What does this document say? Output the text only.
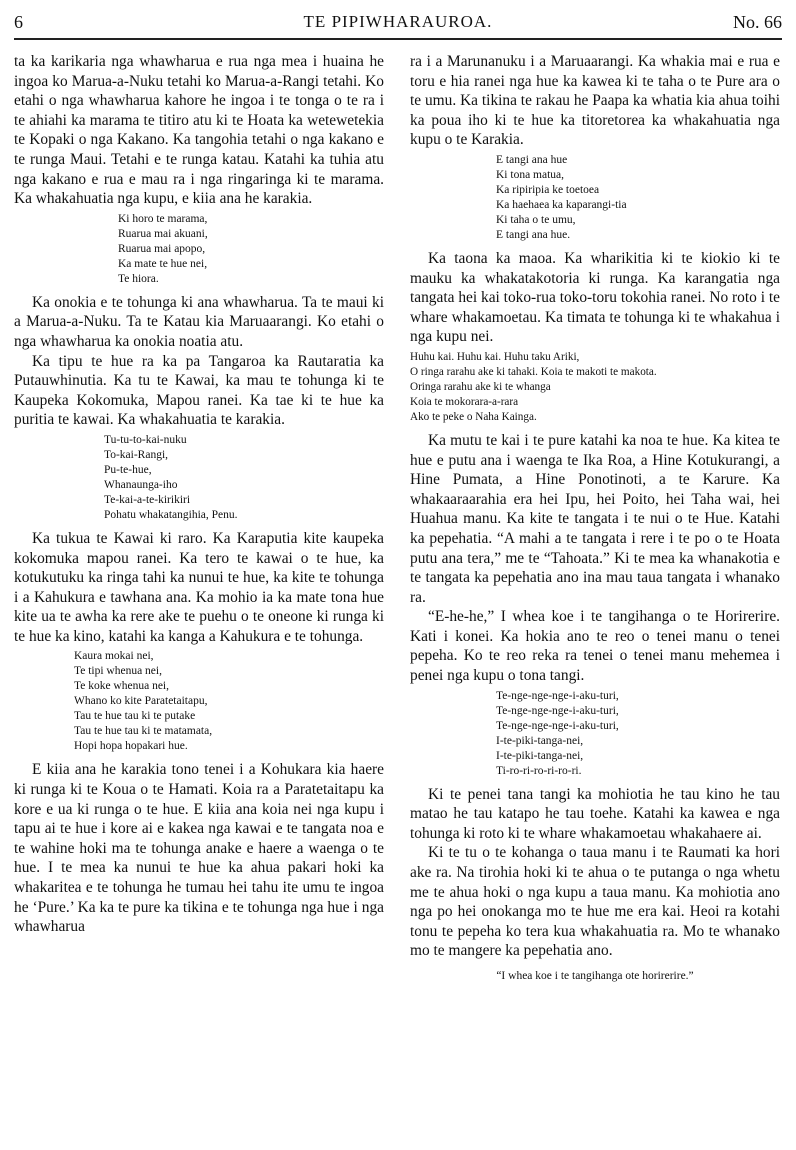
6	TE PIPIWHARAUROA.	No. 66

ta ka karikaria nga whawharua e rua nga mea i huaina he ingoa ko Marua-a-Nuku tetahi ko Marua-a-Rangi tetahi. Ko etahi o nga whawharua kahore he ingoa i te tonga o te ra i te ahiahi ka marama te titiro atu ki te Hoata ka wetewetekia te Kopaki o nga Kakano. Ka tangohia tetahi o nga kakano e te runga Maui. Tetahi e te runga katau. Katahi ka tuhia atu nga kakano e rua e mau ra i nga ringaringa ki te marama. Ka whakahuatia nga kupu, e kiia ana he karakia.

Ki horo te marama,
Ruarua mai akuani,
Ruarua mai apopo,
Ka mate te hue nei,
Te hiora.

Ka onokia e te tohunga ki ana whawharua. Ta te maui ki a Marua-a-Nuku. Ta te Katau kia Maruaarangi. Ko etahi o nga whawharua ka onokia noatia atu.

Ka tipu te hue ra ka pa Tangaroa ka Rautaratia ka Putauwhinutia. Ka tu te Kawai, ka mau te tohunga ki te Kaupeka Kokomuka, Mapou ranei. Ka tae ki te hue ka puritia te kawai. Ka whakahuatia te karakia.

Tu-tu-to-kai-nuku
To-kai-Rangi,
Pu-te-hue,
Whanaunga-iho
Te-kai-a-te-kirikiri
Pohatu whakatangihia, Penu.

Ka tukua te Kawai ki raro. Ka Karaputia kite kaupeka kokomuka mapou ranei. Ka tero te kawai o te hue, ka kotukutuku ka ringa tahi ka nunui te hue, ka kite te tohunga i a Kahukura e tawhana ana. Ka mohio ia ka mate tona hue kite ua te awha ka rere ake te puehu o te oneone ki runga ki te hue ka kino, katahi ka kanga a Kahukura e te tohunga.

Kaura mokai nei,
Te tipi whenua nei,
Te koke whenua nei,
Whano ko kite Paratetaitapu,
Tau te hue tau ki te putake
Tau te hue tau ki te matamata,
Hopi hopa hopakari hue.

E kiia ana he karakia tono tenei i a Kohukara kia haere ki runga ki te Koua o te Hamati. Koia ra a Paratetaitapu ka kore e ua ki runga o te hue. E kiia ana koia nei nga kupu i tapu ai te hue i kore ai e kakea nga kawai e te tangata noa e te wahine hoki ma te tohunga anake e haere a waenga o te hue. I te mea ka nunui te hue ka ahua pakari hoki ka whakaritea e te tohunga he tumau hei tahu ite umu te ingoa he ‘Pure.’ Ka ka te pure ka tikina e te tohunga nga hue i nga whawharua

ra i a Marunanuku i a Maruaarangi. Ka whakia mai e rua e toru e hia ranei nga hue ka kawea ki te taha o te Pure ara o te umu. Ka tikina te rakau he Paapa ka whatia kia ahua toihi ka poua iho ki te hue ka titoretorea ka whakahuatia nga kupu o te Karakia.

E tangi ana hue
Ki tona matua,
Ka ripiripia ke toetoea
Ka haehaea ka kaparangi-tia
Ki taha o te umu,
E tangi ana hue.

Ka taona ka maoa. Ka wharikitia ki te kiokio ki te mauku ka whakatakotoria ki runga. Ka karangatia nga tangata hei kai toko-rua toko-toru tokohia ranei. No roto i te whare whakamoetau. Ka timata te tohunga ki te whakahua i nga kupu nei.

Huhu kai. Huhu kai. Huhu taku Ariki,
O ringa rarahu ake ki tahaki. Koia te makoti te makota.
Oringa rarahu ake ki te whanga
Koia te mokorara-a-rara
Ako te peke o Naha Kainga.

Ka mutu te kai i te pure katahi ka noa te hue. Ka kitea te hue e putu ana i waenga te Ika Roa, a Hine Kotukurangi, a Hine Pumata, a Hine Ponotinoti, a te Karure. Ka whakaaraarahia era hei Ipu, hei Poito, hei Taha wai, hei Huahua manu. Ka kite te tangata i te nui o te Hue. Katahi ka pepehatia. “A mahi a te tangata i rere i te po o te Hoata putu ana tera,” me te “Tahoata.” Ki te mea ka whanakotia e te tangata ka pepehatia ano ina mau taua tangata i whanako ra.

“E-he-he,” I whea koe i te tangihanga o te Horirerire. Kati i konei. Ka hokia ano te reo o tenei manu o tenei pepeha. Ko te reo reka ra tenei o tenei manu mehemea i penei nga kupu o tona tangi.

Te-nge-nge-nge-i-aku-turi,
Te-nge-nge-nge-i-aku-turi,
Te-nge-nge-nge-i-aku-turi,
I-te-piki-tanga-nei,
I-te-piki-tanga-nei,
Ti-ro-ri-ro-ri-ro-ri.

Ki te penei tana tangi ka mohiotia he tau kino he tau matao he tau katapo he tau toehe. Katahi ka kawea e nga tohunga ki roto ki te whare whakamoetau whakahaere ai.

Ki te tu o te kohanga o taua manu i te Raumati ka hori ake ra. Na tirohia hoki ki te ahua o te putanga o nga whetu me te ahua hoki o nga kupu a taua manu. Ka mohiotia ano nga po hei onokanga mo te hue me era kai. Heoi ra kotahi tonu te pepeha ko tera kua whakahuatia ra. Mo te whanako mo te mangere ka pepehatia ano.

“I whea koe i te tangihanga ote horirerire.”
